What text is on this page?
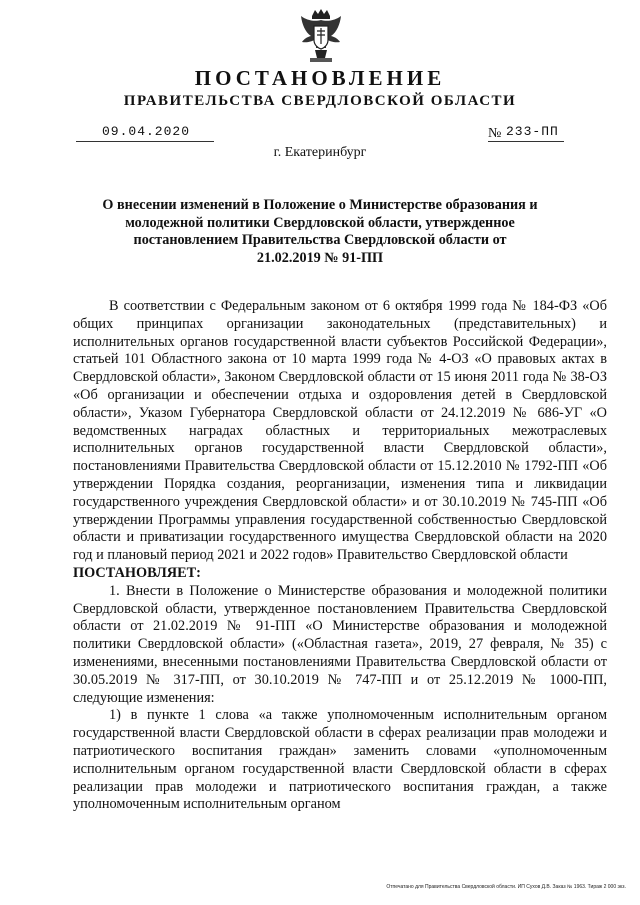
ПОСТАНОВЛЕНИЕ
ПРАВИТЕЛЬСТВА СВЕРДЛОВСКОЙ ОБЛАСТИ
09.04.2020	№ 233-ПП
г. Екатеринбург
О внесении изменений в Положение о Министерстве образования и молодежной политики Свердловской области, утвержденное постановлением Правительства Свердловской области от 21.02.2019 № 91-ПП

В соответствии с Федеральным законом от 6 октября 1999 года № 184-ФЗ «Об общих принципах организации законодательных (представительных) и исполнительных органов государственной власти субъектов Российской Федерации», статьей 101 Областного закона от 10 марта 1999 года № 4-ОЗ «О правовых актах в Свердловской области», Законом Свердловской области от 15 июня 2011 года № 38-ОЗ «Об организации и обеспечении отдыха и оздоровления детей в Свердловской области», Указом Губернатора Свердловской области от 24.12.2019 № 686-УГ «О ведомственных наградах областных и территориальных межотраслевых исполнительных органов государственной власти Свердловской области», постановлениями Правительства Свердловской области от 15.12.2010 № 1792-ПП «Об утверждении Порядка создания, реорганизации, изменения типа и ликвидации государственного учреждения Свердловской области» и от 30.10.2019 № 745-ПП «Об утверждении Программы управления государственной собственностью Свердловской области и приватизации государственного имущества Свердловской области на 2020 год и плановый период 2021 и 2022 годов» Правительство Свердловской области

ПОСТАНОВЛЯЕТ:

1. Внести в Положение о Министерстве образования и молодежной политики Свердловской области, утвержденное постановлением Правительства Свердловской области от 21.02.2019 № 91-ПП «О Министерстве образования и молодежной политики Свердловской области» («Областная газета», 2019, 27 февраля, № 35) с изменениями, внесенными постановлениями Правительства Свердловской области от 30.05.2019 № 317-ПП, от 30.10.2019 № 747-ПП и от 25.12.2019 № 1000-ПП, следующие изменения:

1) в пункте 1 слова «а также уполномоченным исполнительным органом государственной власти Свердловской области в сферах реализации прав молодежи и патриотического воспитания граждан» заменить словами «уполномоченным исполнительным органом государственной власти Свердловской области в сферах реализации прав молодежи и патриотического воспитания граждан, а также уполномоченным исполнительным органом

Отпечатано для Правительства Свердловской области. ИП Сухов Д.В. Заказ № 1963. Тираж 2 000 экз.
